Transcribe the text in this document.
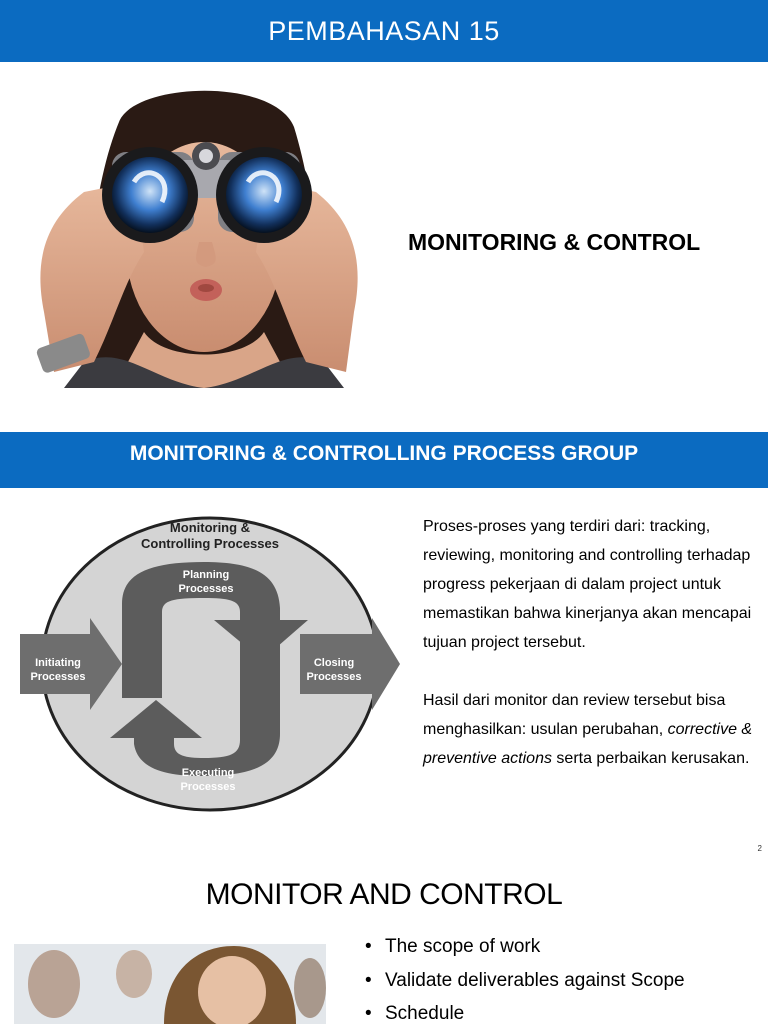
PEMBAHASAN 15
MONITORING & CONTROL
MONITORING & CONTROLLING PROCESS GROUP
Monitoring &
Controlling Processes
Planning
Processes
Initiating
Processes
Closing
Processes
Executing
Processes

Proses-proses yang terdiri dari: tracking, reviewing, monitoring and controlling terhadap progress pekerjaan di dalam project untuk memastikan bahwa kinerjanya akan mencapai tujuan project tersebut.

Hasil dari monitor dan review tersebut bisa menghasilkan: usulan perubahan, corrective & preventive actions serta perbaikan kerusakan.

2
MONITOR AND CONTROL
• The scope of work
• Validate deliverables against Scope
• Schedule
